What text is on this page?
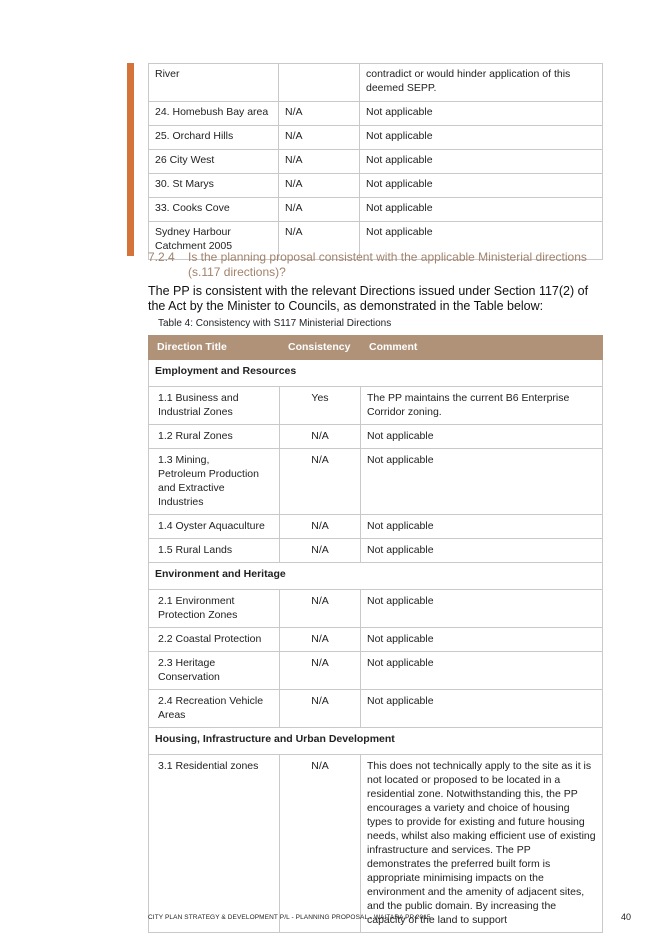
River		contradict or would hinder application of this deemed SEPP.
24. Homebush Bay area	N/A	Not applicable
25. Orchard Hills	N/A	Not applicable
26 City West	N/A	Not applicable
30. St Marys	N/A	Not applicable
33. Cooks Cove	N/A	Not applicable
Sydney Harbour Catchment 2005	N/A	Not applicable
7.2.4 Is the planning proposal consistent with the applicable Ministerial directions (s.117 directions)?
The PP is consistent with the relevant Directions issued under Section 117(2) of the Act by the Minister to Councils, as demonstrated in the Table below:
Table 4: Consistency with S117 Ministerial Directions
Direction Title	Consistency	Comment
Employment and Resources		
1.1 Business and Industrial Zones	Yes	The PP maintains the current B6 Enterprise Corridor zoning.
1.2 Rural Zones	N/A	Not applicable
1.3 Mining, Petroleum Production and Extractive Industries	N/A	Not applicable
1.4 Oyster Aquaculture	N/A	Not applicable
1.5 Rural Lands	N/A	Not applicable
Environment and Heritage		
2.1 Environment Protection Zones	N/A	Not applicable
2.2 Coastal Protection	N/A	Not applicable
2.3 Heritage Conservation	N/A	Not applicable
2.4 Recreation Vehicle Areas	N/A	Not applicable
Housing, Infrastructure and Urban Development		
3.1 Residential zones	N/A	This does not technically apply to the site as it is not located or proposed to be located in a residential zone. Notwithstanding this, the PP encourages a variety and choice of housing types to provide for existing and future housing needs, whilst also making efficient use of existing infrastructure and services. The PP demonstrates the preferred built form is appropriate minimising impacts on the environment and the amenity of adjacent sites, and the public domain. By increasing the capacity of the land to support
CITY PLAN STRATEGY & DEVELOPMENT P/L - PLANNING PROPOSAL - WAITARA PP 2015	40
